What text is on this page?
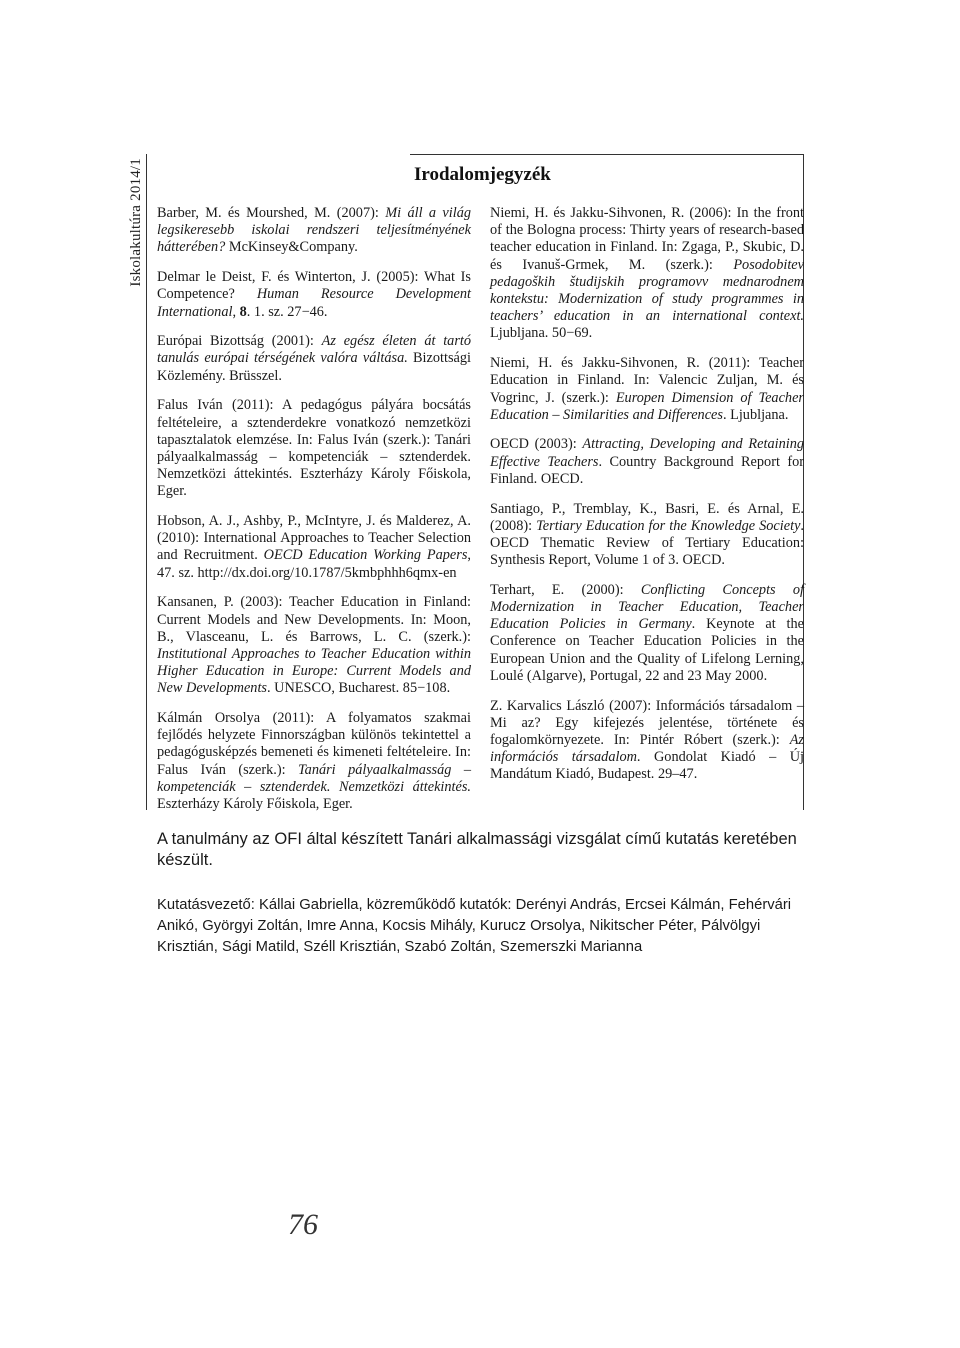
Iskolakultúra 2014/1	Irodalomjegyzék

Barber, M. és Mourshed, M. (2007): Mi áll a világ legsikeresebb iskolai rendszeri teljesítményének hátterében? McKinsey&Company.

Delmar le Deist, F. és Winterton, J. (2005): What Is Competence? Human Resource Development International, 8. 1. sz. 27−46.

Európai Bizottság (2001): Az egész életen át tartó tanulás európai térségének valóra váltása. Bizottsági Közlemény. Brüsszel.

Falus Iván (2011): A pedagógus pályára bocsátás feltételeire, a sztenderdekre vonatkozó nemzetközi tapasztalatok elemzése. In: Falus Iván (szerk.): Tanári pályaalkalmasság – kompetenciák – sztenderdek. Nemzetközi áttekintés. Eszterházy Károly Főiskola, Eger.

Hobson, A. J., Ashby, P., McIntyre, J. és Malderez, A. (2010): International Approaches to Teacher Selection and Recruitment. OECD Education Working Papers, 47. sz. http://dx.doi.org/10.1787/5kmbphhh6qmx-en

Kansanen, P. (2003): Teacher Education in Finland: Current Models and New Developments. In: Moon, B., Vlasceanu, L. és Barrows, L. C. (szerk.): Institutional Approaches to Teacher Education within Higher Education in Europe: Current Models and New Developments. UNESCO, Bucharest. 85−108.

Kálmán Orsolya (2011): A folyamatos szakmai fejlődés helyzete Finnországban különös tekintettel a pedagógusképzés bemeneti és kimeneti feltételeire. In: Falus Iván (szerk.): Tanári pályaalkalmasság – kompetenciák – sztenderdek. Nemzetközi áttekintés. Eszterházy Károly Főiskola, Eger.

Niemi, H. és Jakku-Sihvonen, R. (2006): In the front of the Bologna process: Thirty years of research-based teacher education in Finland. In: Zgaga, P., Skubic, D. és Ivanuš-Grmek, M. (szerk.): Posodobitev pedagoških študijskih programovv mednarodnem kontekstu: Modernization of study programmes in teachers’ education in an international context. Ljubljana. 50−69.

Niemi, H. és Jakku-Sihvonen, R. (2011): Teacher Education in Finland. In: Valencic Zuljan, M. és Vogrinc, J. (szerk.): Europen Dimension of Teacher Education – Similarities and Differences. Ljubljana.

OECD (2003): Attracting, Developing and Retaining Effective Teachers. Country Background Report for Finland. OECD.

Santiago, P., Tremblay, K., Basri, E. és Arnal, E. (2008): Tertiary Education for the Knowledge Society. OECD Thematic Review of Tertiary Education: Synthesis Report, Volume 1 of 3. OECD.

Terhart, E. (2000): Conflicting Concepts of Modernization in Teacher Education, Teacher Education Policies in Germany. Keynote at the Conference on Teacher Education Policies in the European Union and the Quality of Lifelong Lerning, Loulé (Algarve), Portugal, 22 and 23 May 2000.

Z. Karvalics László (2007): Információs társadalom – Mi az? Egy kifejezés jelentése, története és fogalomkörnyezete. In: Pintér Róbert (szerk.): Az információs társadalom. Gondolat Kiadó – Új Mandátum Kiadó, Budapest. 29–47.

A tanulmány az OFI által készített Tanári alkalmassági vizsgálat című kutatás keretében készült.

Kutatásvezető: Kállai Gabriella, közreműködő kutatók: Derényi András, Ercsei Kálmán, Fehérvári Anikó, Györgyi Zoltán, Imre Anna, Kocsis Mihály, Kurucz Orsolya, Nikitscher Péter, Pálvölgyi Krisztián, Sági Matild, Széll Krisztián, Szabó Zoltán, Szemerszki Marianna

76
